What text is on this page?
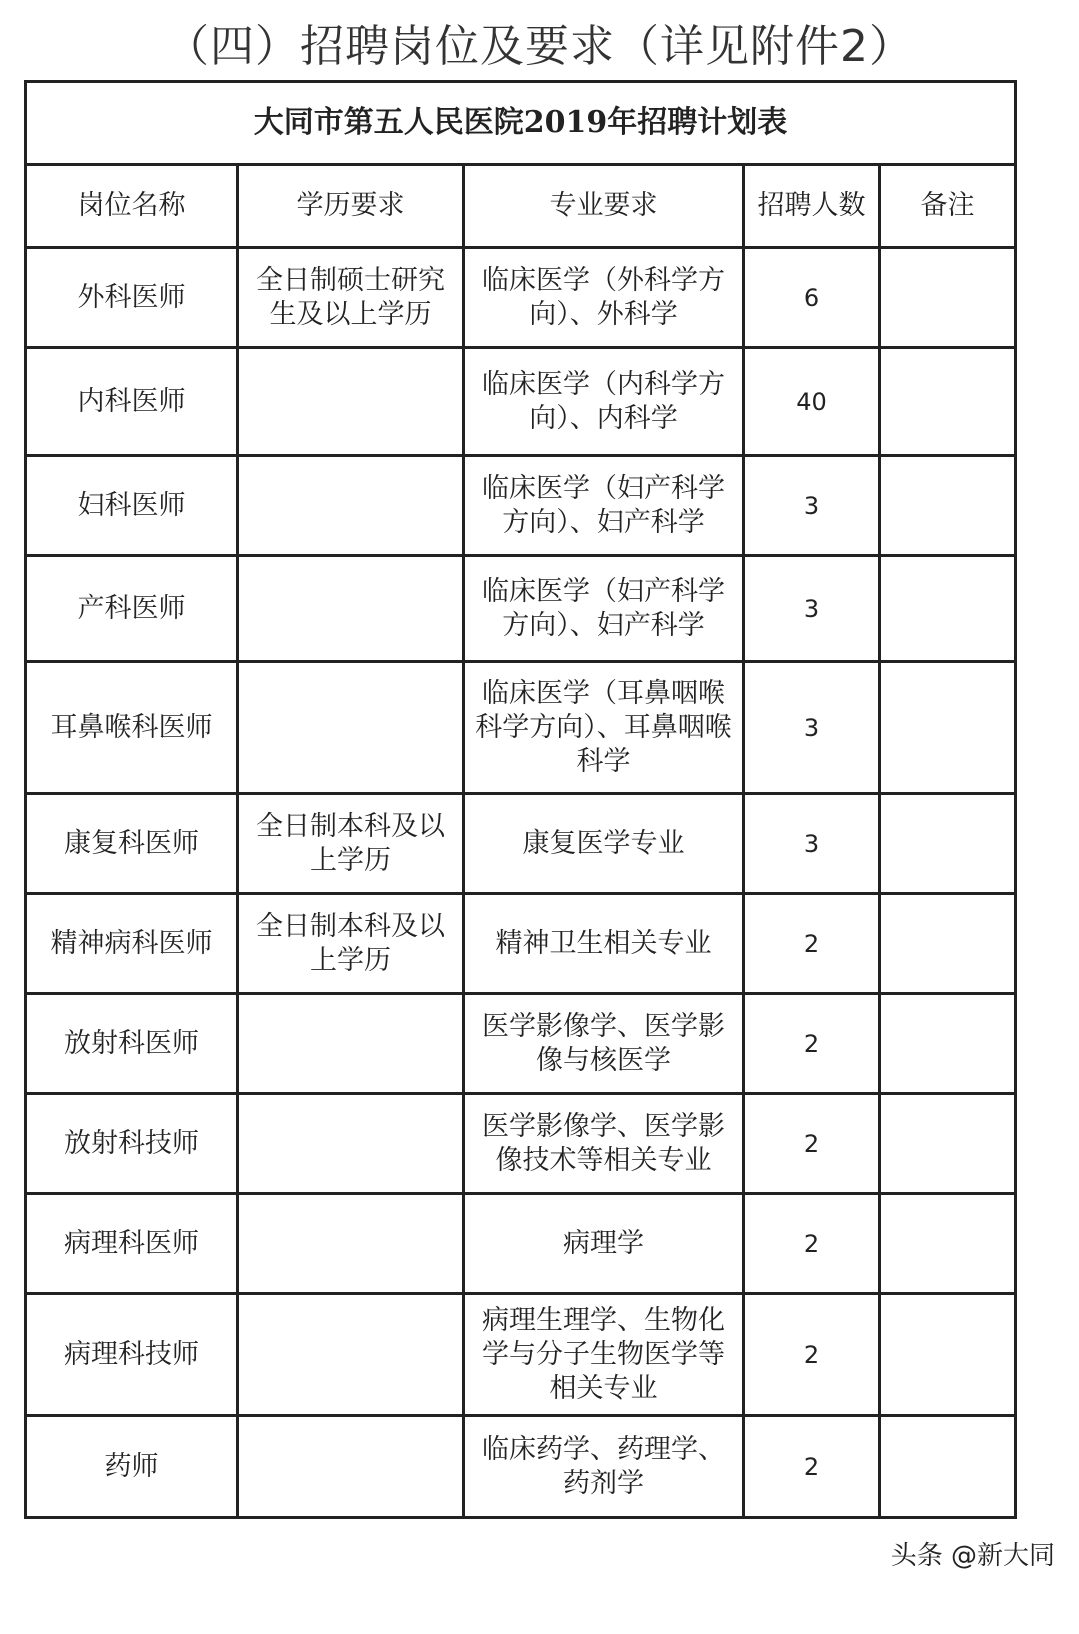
（四）招聘岗位及要求（详见附件2）
大同市第五人民医院2019年招聘计划表				
岗位名称	学历要求	专业要求	招聘人数	备注
外科医师	全日制硕士研究生及以上学历	临床医学（外科学方向）、外科学	6	
内科医师		临床医学（内科学方向）、内科学	40	
妇科医师		临床医学（妇产科学方向）、妇产科学	3	
产科医师		临床医学（妇产科学方向）、妇产科学	3	
耳鼻喉科医师		临床医学（耳鼻咽喉科学方向）、耳鼻咽喉科学	3	
康复科医师	全日制本科及以上学历	康复医学专业	3	
精神病科医师	全日制本科及以上学历	精神卫生相关专业	2	
放射科医师		医学影像学、医学影像与核医学	2	
放射科技师		医学影像学、医学影像技术等相关专业	2	
病理科医师		病理学	2	
病理科技师		病理生理学、生物化学与分子生物医学等相关专业	2	
药师		临床药学、药理学、药剂学	2	
头条 @新大同
